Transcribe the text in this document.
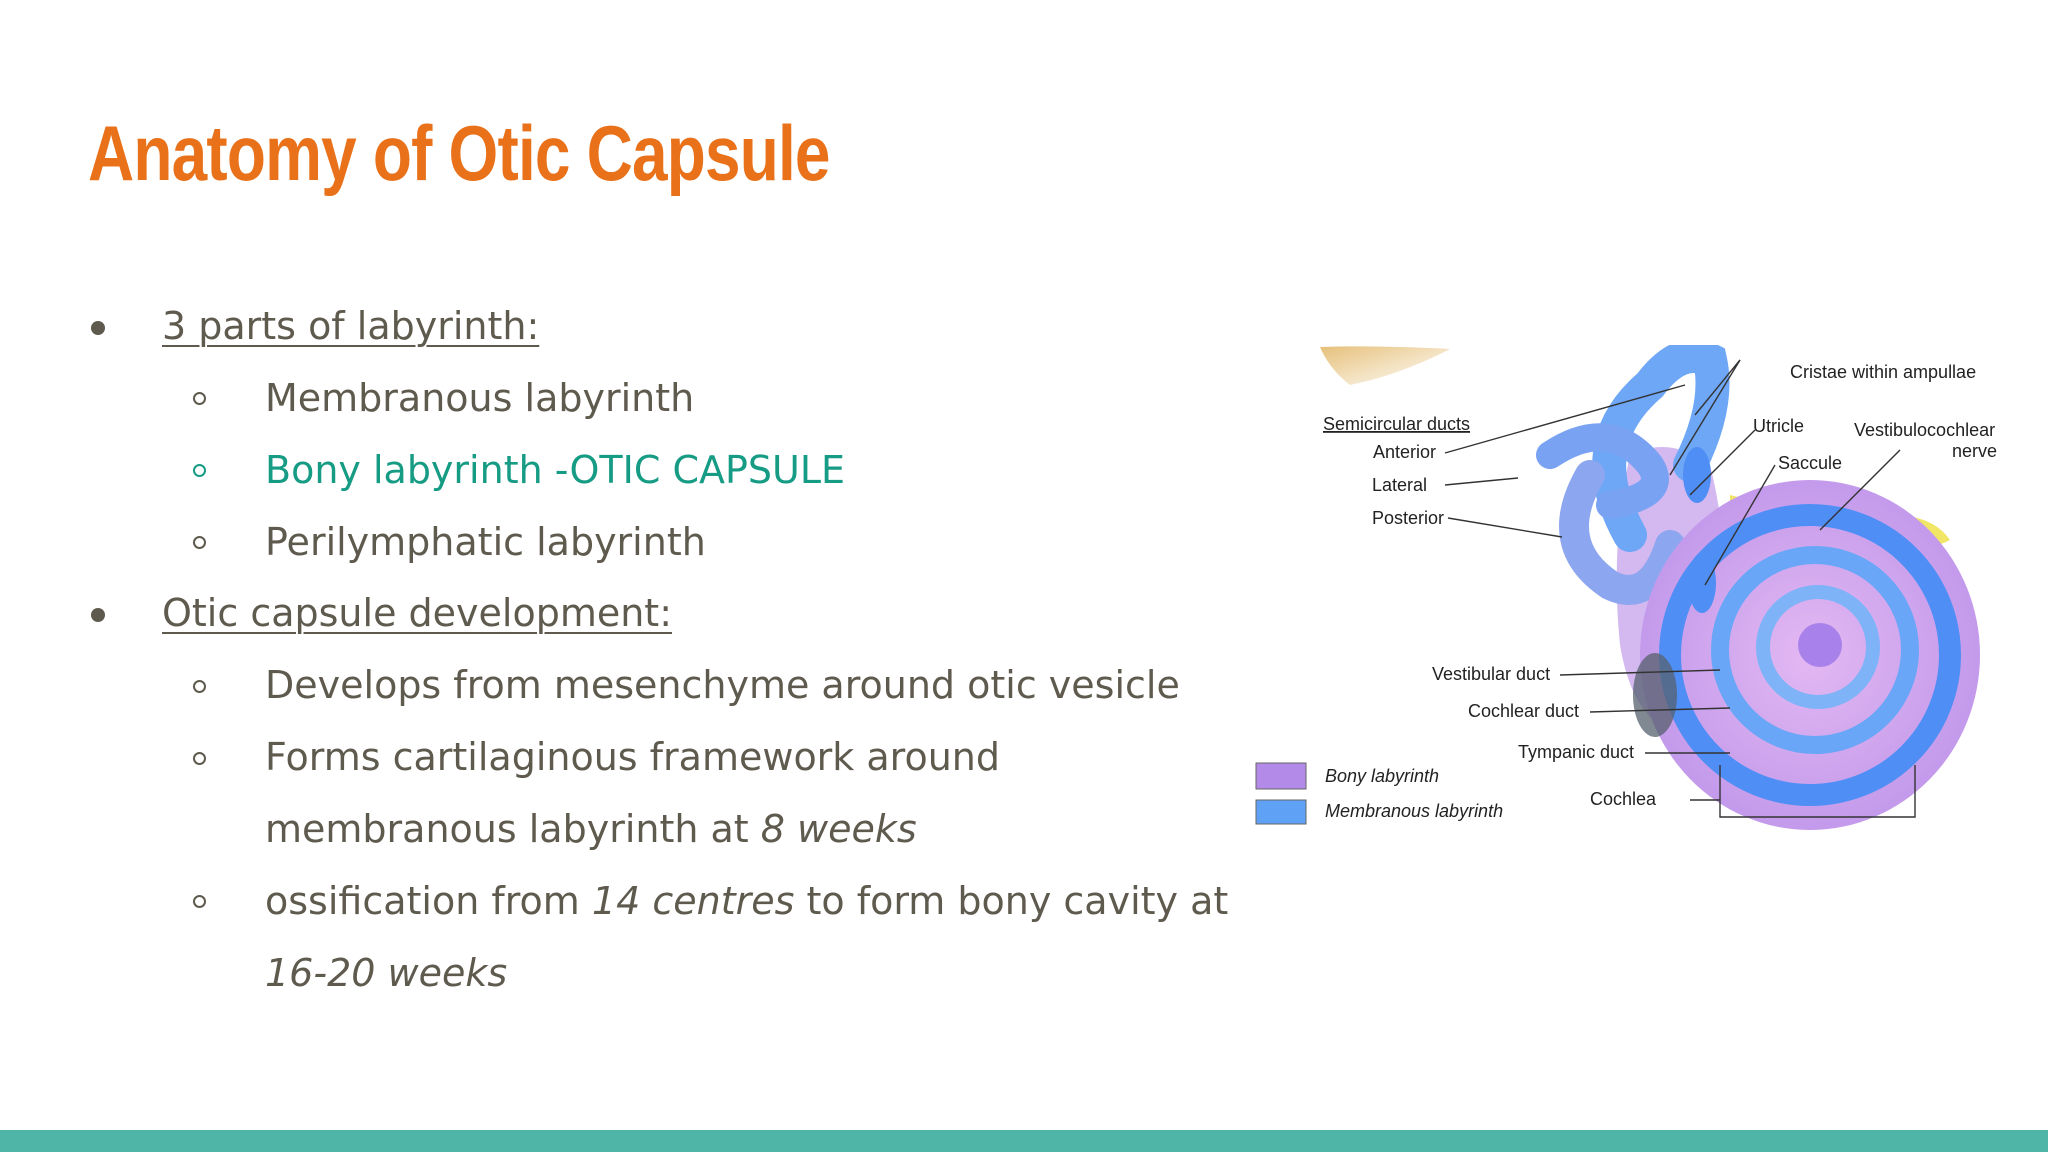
Anatomy of Otic Capsule
3 parts of labyrinth:
Membranous labyrinth
Bony labyrinth -OTIC CAPSULE
Perilymphatic labyrinth
Otic capsule development:
Develops from mesenchyme around otic vesicle
Forms cartilaginous framework around
membranous labyrinth at 8 weeks
ossification from 14 centres to form bony cavity at
16-20 weeks
Cristae within ampullae
Semicircular ducts
Anterior
Lateral
Posterior
Utricle
Saccule
Vestibulocochlear
nerve
Vestibular duct
Cochlear duct
Tympanic duct
Cochlea
Bony labyrinth
Membranous labyrinth
